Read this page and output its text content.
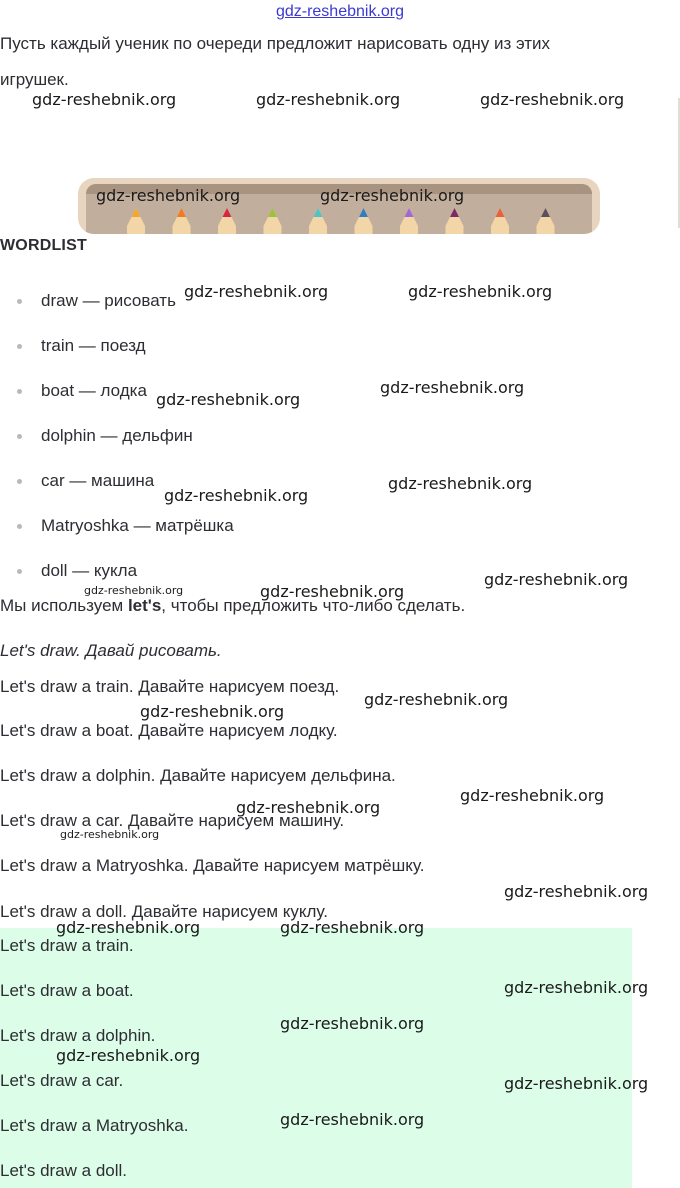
gdz-reshebnik.org
Пусть каждый ученик по очереди предложит нарисовать одну из этих
игрушек.
WORDLIST
draw — рисовать
train — поезд
boat — лодка
dolphin — дельфин
car — машина
Matryoshka — матрёшка
doll — кукла
Мы используем let's, чтобы предложить что-либо сделать.
Let's draw. Давай рисовать.
Let's draw a train. Давайте нарисуем поезд.
Let's draw a boat. Давайте нарисуем лодку.
Let's draw a dolphin. Давайте нарисуем дельфина.
Let's draw a car. Давайте нарисуем машину.
Let's draw a Matryoshka. Давайте нарисуем матрёшку.
Let's draw a doll. Давайте нарисуем куклу.
Let's draw a train.
Let's draw a boat.
Let's draw a dolphin.
Let's draw a car.
Let's draw a Matryoshka.
Let's draw a doll.
gdz-reshebnik.org	gdz-reshebnik.org	gdz-reshebnik.org
gdz-reshebnik.org	gdz-reshebnik.org
gdz-reshebnik.org	gdz-reshebnik.org
gdz-reshebnik.org
gdz-reshebnik.org
gdz-reshebnik.org
gdz-reshebnik.org
gdz-reshebnik.org	gdz-reshebnik.org
gdz-reshebnik.org
gdz-reshebnik.org
gdz-reshebnik.org
gdz-reshebnik.org
gdz-reshebnik.org
gdz-reshebnik.org
gdz-reshebnik.org
gdz-reshebnik.org	gdz-reshebnik.org
gdz-reshebnik.org
gdz-reshebnik.org
gdz-reshebnik.org
gdz-reshebnik.org
gdz-reshebnik.org
